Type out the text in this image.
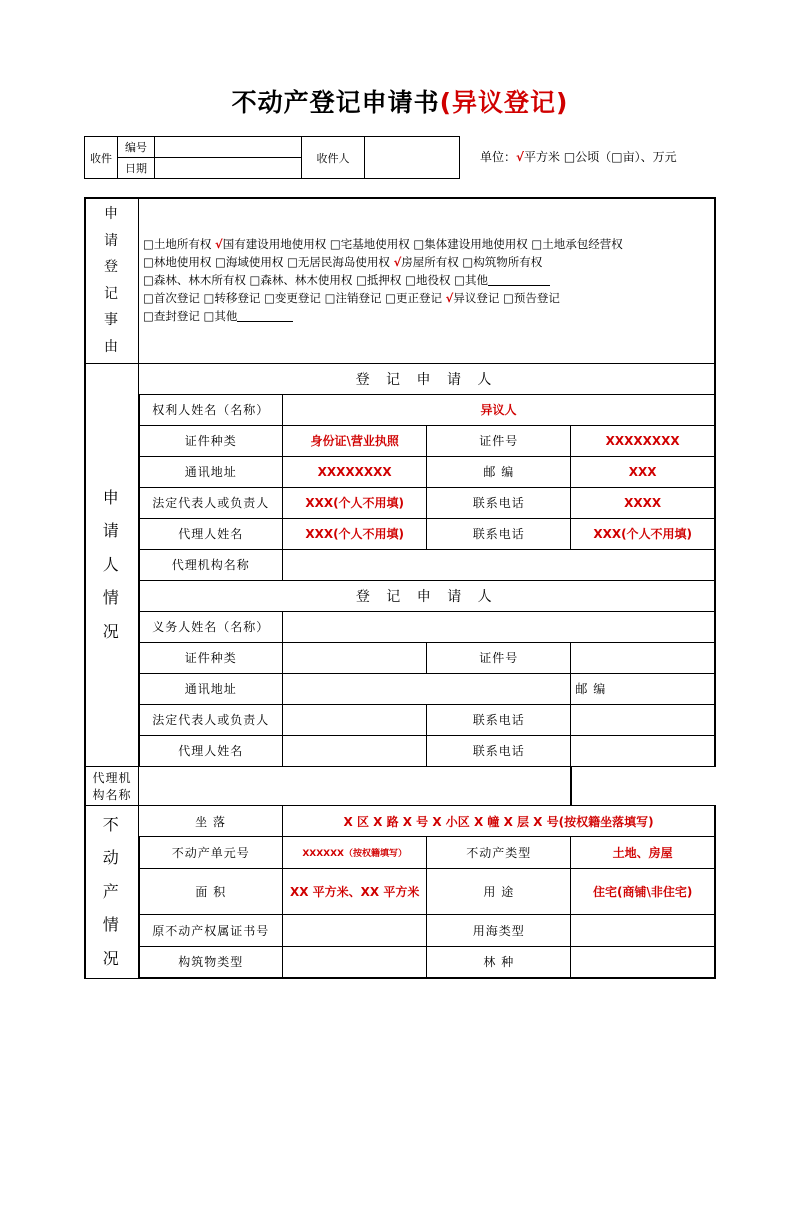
不动产登记申请书(异议登记)
收件	编号		收件人	
	日期			
单位：√平方米 □公顷（□亩）、万元
申
请
登
记
事
由

□土地所有权 √国有建设用地使用权 □宅基地使用权 □集体建设用地使用权 □土地承包经营权
□林地使用权 □海域使用权 □无居民海岛使用权 √房屋所有权 □构筑物所有权
□森林、林木所有权 □森林、林木使用权 □抵押权 □地役权 □其他
□首次登记 □转移登记 □变更登记 □注销登记 □更正登记 √异议登记 □预告登记
□查封登记 □其他

申
请
人
情
况	登 记 申 请 人			
	权利人姓名（名称）	异议人		
	证件种类	身份证\营业执照	证件号	XXXXXXXX
	通讯地址	XXXXXXXX	邮 编	XXX
	法定代表人或负责人	XXX(个人不用填)	联系电话	XXXX
	代理人姓名	XXX(个人不用填)	联系电话	XXX(个人不用填)
	代理机构名称			
	登 记 申 请 人			
	义务人姓名（名称）			
	证件种类		证件号	
	通讯地址			邮 编
	法定代表人或负责人		联系电话	
	代理人姓名		联系电话	
代理机构名称				

不
动
产
情
况	坐 落	X 区 X 路 X 号 X 小区 X 幢 X 层 X 号(按权籍坐落填写)		
	不动产单元号	XXXXXX（按权籍填写）	不动产类型	土地、房屋
	面 积	XX 平方米、XX 平方米	用 途	住宅(商铺\非住宅)
	原不动产权属证书号		用海类型	
	构筑物类型		林 种	
